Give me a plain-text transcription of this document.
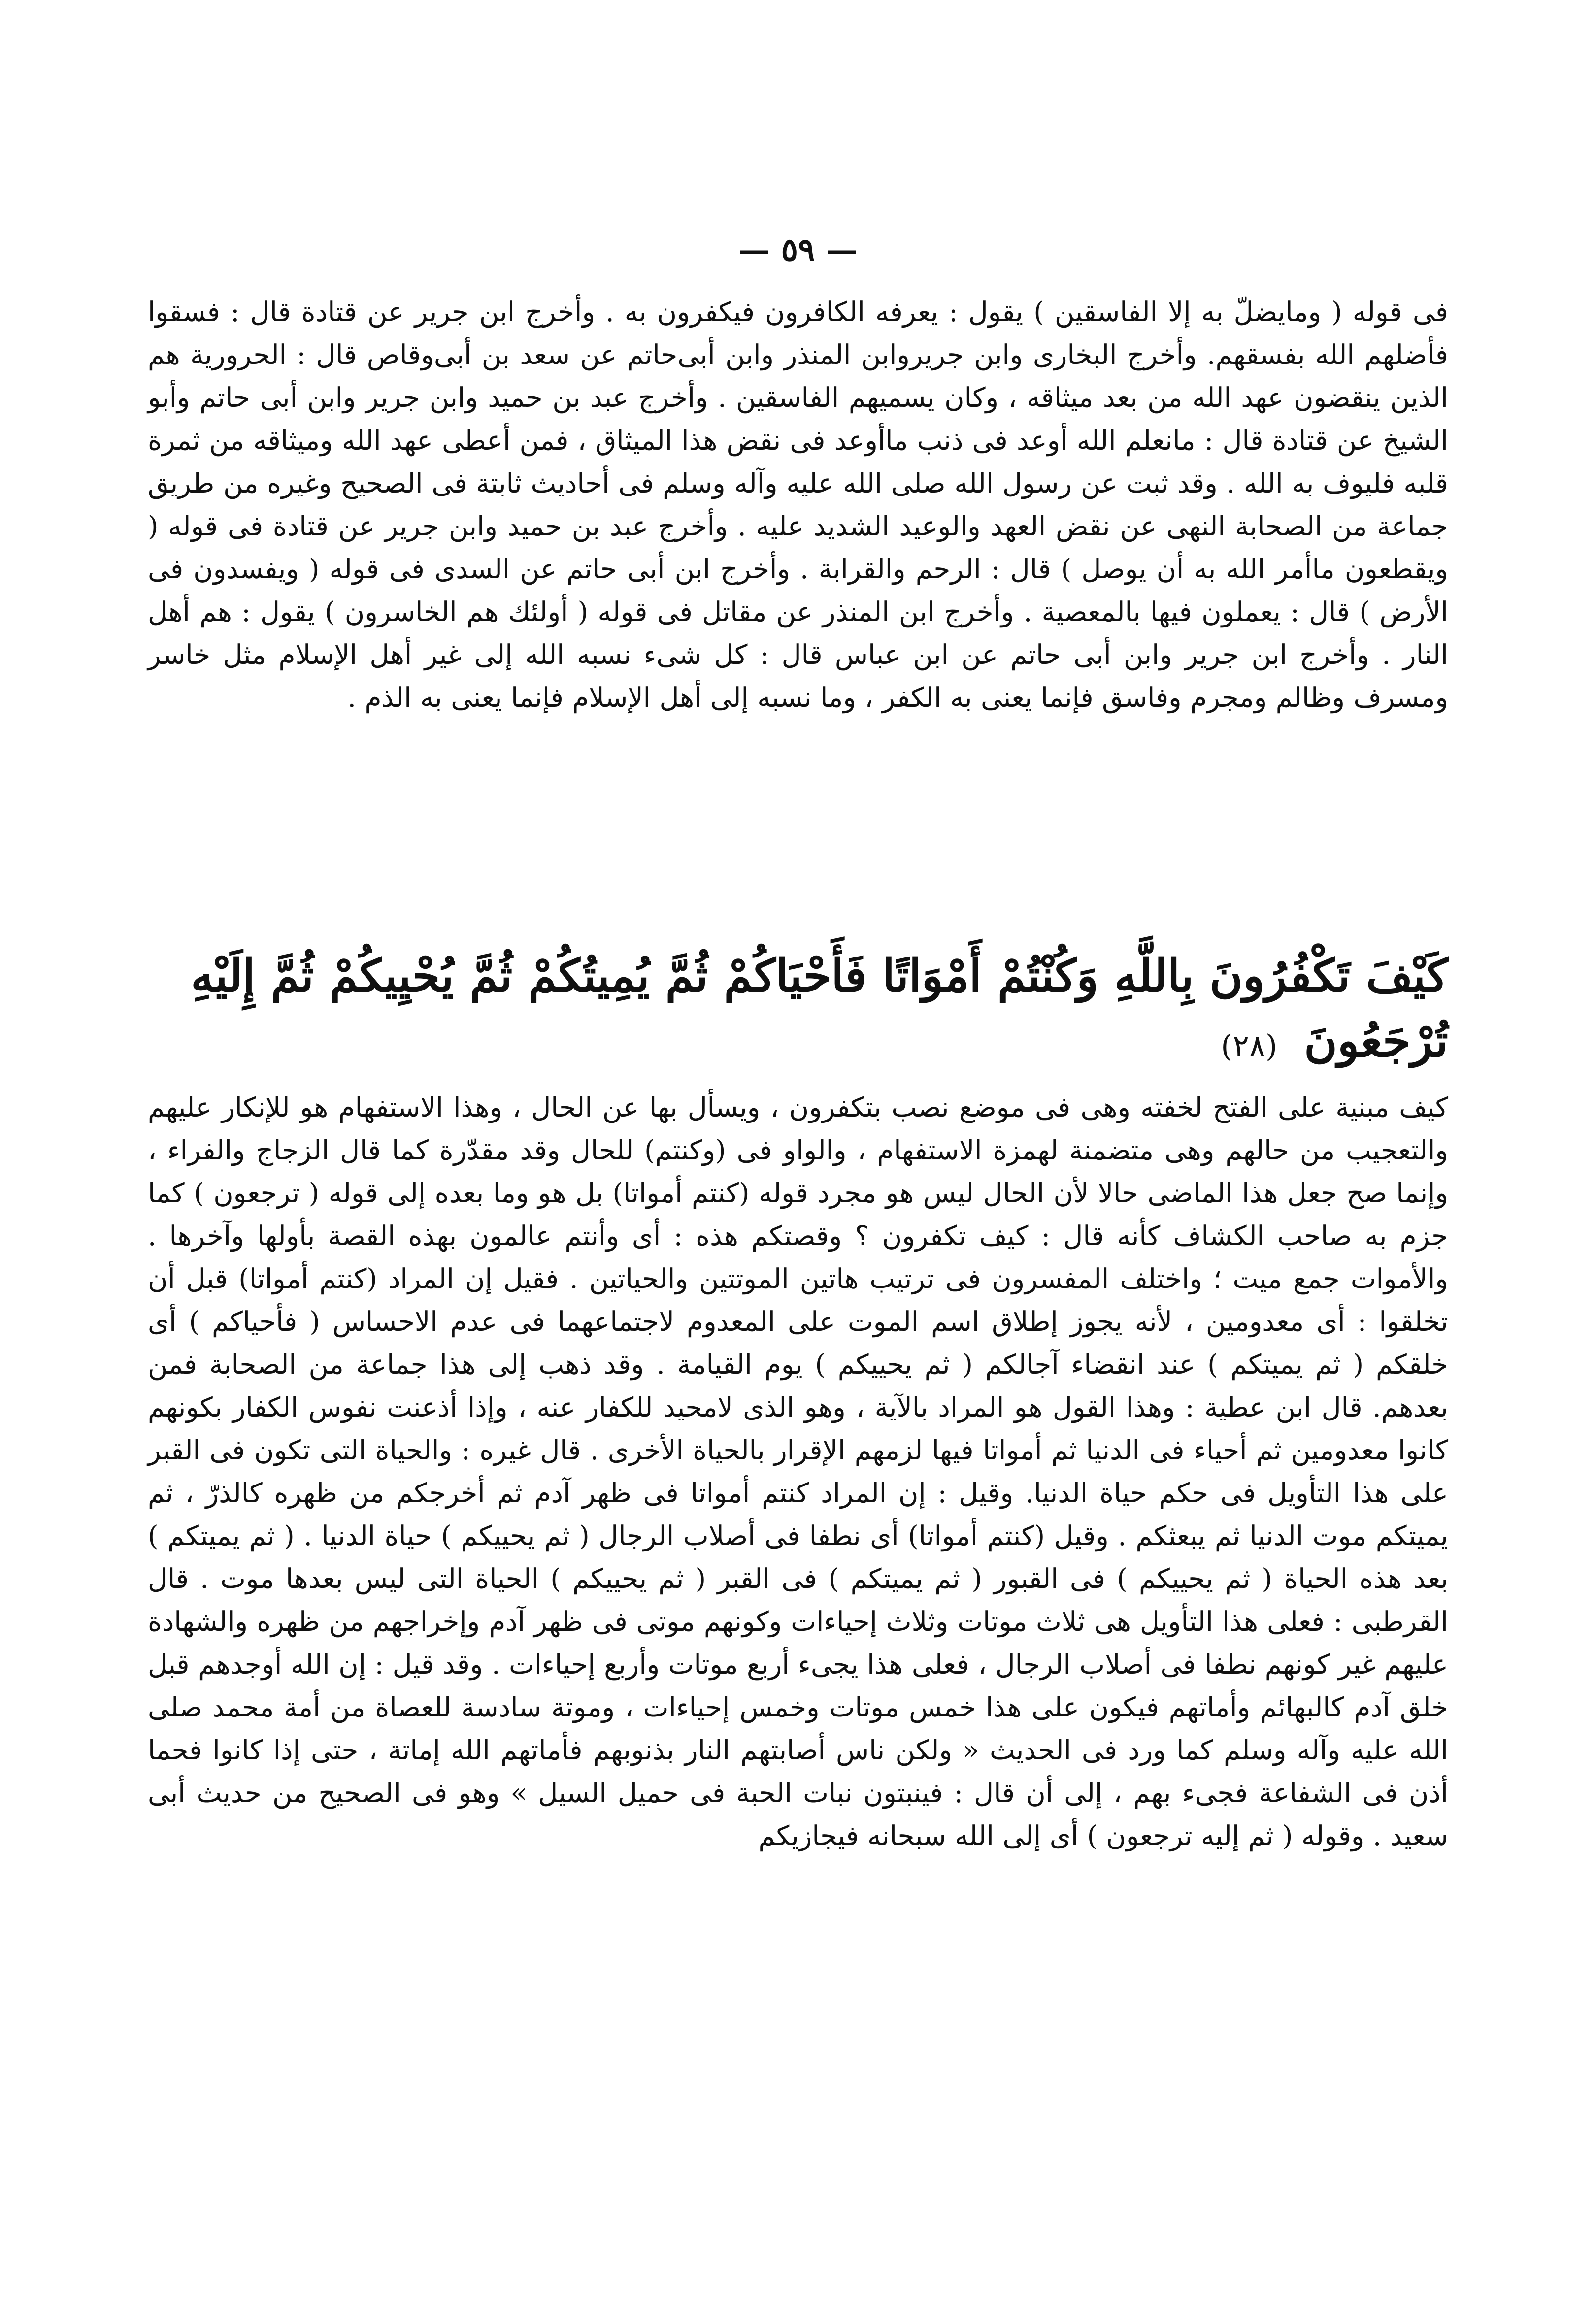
— ٥٩ —

فى قوله ( ومايضلّ به إلا الفاسقين ) يقول : يعرفه الكافرون فيكفرون به . وأخرج ابن جرير عن قتادة قال : فسقوا فأضلهم الله بفسقهم. وأخرج البخارى وابن جريروابن المنذر وابن أبى‌حاتم عن سعد بن أبى‌وقاص قال : الحرورية هم الذين ينقضون عهد الله من بعد ميثاقه ، وكان يسميهم الفاسقين . وأخرج عبد بن حميد وابن جرير وابن أبى حاتم وأبو الشيخ عن قتادة قال : مانعلم الله أوعد فى ذنب ماأوعد فى نقض هذا الميثاق ، فمن أعطى عهد الله وميثاقه من ثمرة قلبه فليوف به الله . وقد ثبت عن رسول الله صلى الله عليه وآله وسلم فى أحاديث ثابتة فى الصحيح وغيره من طريق جماعة من الصحابة النهى عن نقض العهد والوعيد الشديد عليه . وأخرج عبد بن حميد وابن جرير عن قتادة فى قوله ( ويقطعون ماأمر الله به أن يوصل ) قال : الرحم والقرابة . وأخرج ابن أبى حاتم عن السدى فى قوله ( ويفسدون فى الأرض ) قال : يعملون فيها بالمعصية . وأخرج ابن المنذر عن مقاتل فى قوله ( أولئك هم الخاسرون ) يقول : هم أهل النار . وأخرج ابن جرير وابن أبى حاتم عن ابن عباس قال : كل شىء نسبه الله إلى غير أهل الإسلام مثل خاسر ومسرف وظالم ومجرم وفاسق فإنما يعنى به الكفر ، وما نسبه إلى أهل الإسلام فإنما يعنى به الذم .

كَيْفَ تَكْفُرُونَ بِاللَّهِ وَكُنْتُمْ أَمْوَاتًا فَأَحْيَاكُمْ ثُمَّ يُمِيتُكُمْ ثُمَّ يُحْيِيكُمْ ثُمَّ إِلَيْهِ تُرْجَعُونَ (٢٨)

كيف مبنية على الفتح لخفته وهى فى موضع نصب بتكفرون ، ويسأل بها عن الحال ، وهذا الاستفهام هو للإنكار عليهم والتعجيب من حالهم وهى متضمنة لهمزة الاستفهام ، والواو فى (وكنتم) للحال وقد مقدّرة كما قال الزجاج والفراء ، وإنما صح جعل هذا الماضى حالا لأن الحال ليس هو مجرد قوله (كنتم أمواتا) بل هو وما بعده إلى قوله ( ترجعون ) كما جزم به صاحب الكشاف كأنه قال : كيف تكفرون ؟ وقصتكم هذه : أى وأنتم عالمون بهذه القصة بأولها وآخرها . والأموات جمع ميت ؛ واختلف المفسرون فى ترتيب هاتين الموتتين والحياتين . فقيل إن المراد (كنتم أمواتا) قبل أن تخلقوا : أى معدومين ، لأنه يجوز إطلاق اسم الموت على المعدوم لاجتماعهما فى عدم الاحساس ( فأحياكم ) أى خلقكم ( ثم يميتكم ) عند انقضاء آجالكم ( ثم يحييكم ) يوم القيامة . وقد ذهب إلى هذا جماعة من الصحابة فمن بعدهم. قال ابن عطية : وهذا القول هو المراد بالآية ، وهو الذى لامحيد للكفار عنه ، وإذا أذعنت نفوس الكفار بكونهم كانوا معدومين ثم أحياء فى الدنيا ثم أمواتا فيها لزمهم الإقرار بالحياة الأخرى . قال غيره : والحياة التى تكون فى القبر على هذا التأويل فى حكم حياة الدنيا. وقيل : إن المراد كنتم أمواتا فى ظهر آدم ثم أخرجكم من ظهره كالذرّ ، ثم يميتكم موت الدنيا ثم يبعثكم . وقيل (كنتم أمواتا) أى نطفا فى أصلاب الرجال ( ثم يحييكم ) حياة الدنيا . ( ثم يميتكم ) بعد هذه الحياة ( ثم يحييكم ) فى القبور ( ثم يميتكم ) فى القبر ( ثم يحييكم ) الحياة التى ليس بعدها موت . قال القرطبى : فعلى هذا التأويل هى ثلاث موتات وثلاث إحياءات وكونهم موتى فى ظهر آدم وإخراجهم من ظهره والشهادة عليهم غير كونهم نطفا فى أصلاب الرجال ، فعلى هذا يجىء أربع موتات وأربع إحياءات . وقد قيل : إن الله أوجدهم قبل خلق آدم كالبهائم وأماتهم فيكون على هذا خمس موتات وخمس إحياءات ، وموتة سادسة للعصاة من أمة محمد صلى الله عليه وآله وسلم كما ورد فى الحديث « ولكن ناس أصابتهم النار بذنوبهم فأماتهم الله إماتة ، حتى إذا كانوا فحما أذن فى الشفاعة فجىء بهم ، إلى أن قال : فينبتون نبات الحبة فى حميل السيل » وهو فى الصحيح من حديث أبى سعيد . وقوله ( ثم إليه ترجعون ) أى إلى الله سبحانه فيجازيكم
